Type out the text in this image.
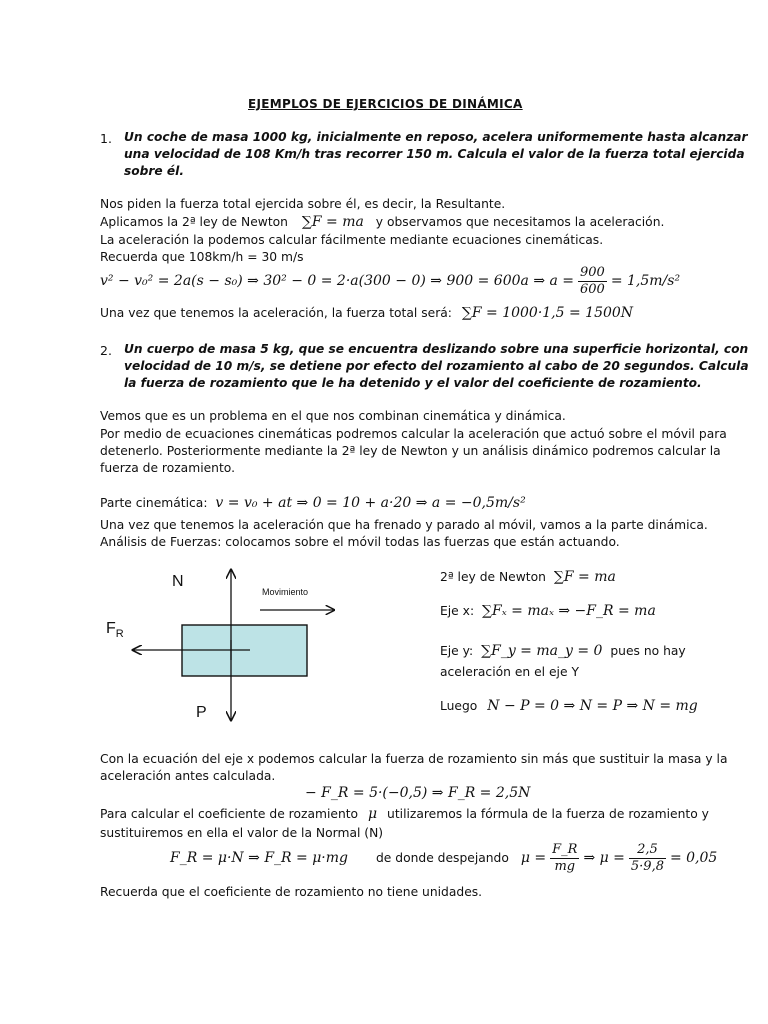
EJEMPLOS DE EJERCICIOS DE DINÁMICA
1. Un coche de masa 1000 kg, inicialmente en reposo, acelera uniformemente hasta alcanzar
una velocidad de 108 Km/h tras recorrer 150 m. Calcula el valor de la fuerza total ejercida
sobre él.
Nos piden la fuerza total ejercida sobre él, es decir, la Resultante.
Aplicamos la 2ª ley de Newton ∑F = ma y observamos que necesitamos la aceleración.
La aceleración la podemos calcular fácilmente mediante ecuaciones cinemáticas.
Recuerda que 108km/h = 30 m/s
v² − v₀² = 2a(s − s₀) ⇒ 30² − 0 = 2·a(300 − 0) ⇒ 900 = 600a ⇒ $a = \frac{900}{600} = 1,5m/s^2$
Una vez que tenemos la aceleración, la fuerza total será: ∑F = 1000·1,5 = 1500N
2. Un cuerpo de masa 5 kg, que se encuentra deslizando sobre una superficie horizontal, con
velocidad de 10 m/s, se detiene por efecto del rozamiento al cabo de 20 segundos. Calcula
la fuerza de rozamiento que le ha detenido y el valor del coeficiente de rozamiento.
Vemos que es un problema en el que nos combinan cinemática y dinámica.
Por medio de ecuaciones cinemáticas podremos calcular la aceleración que actuó sobre el móvil para
detenerlo. Posteriormente mediante la 2ª ley de Newton y un análisis dinámico podremos calcular la
fuerza de rozamiento.
Parte cinemática: v = v₀ + at ⇒ 0 = 10 + a·20 ⇒ a = −0,5m/s²
Una vez que tenemos la aceleración que ha frenado y parado al móvil, vamos a la parte dinámica.
Análisis de Fuerzas: colocamos sobre el móvil todas las fuerzas que están actuando.
N
$F_R$
P
Movimiento
2ª ley de Newton ∑F = ma
Eje x: ∑Fₓ = maₓ ⇒ −F_R = ma
Eje y: ∑F_y = ma_y = 0 pues no hay
aceleración en el eje Y
Luego N − P = 0 ⇒ N = P ⇒ N = mg
Con la ecuación del eje x podemos calcular la fuerza de rozamiento sin más que sustituir la masa y la
aceleración antes calculada.
− F_R = 5·(−0,5) ⇒ F_R = 2,5N
Para calcular el coeficiente de rozamiento μ utilizaremos la fórmula de la fuerza de rozamiento y
sustituiremos en ella el valor de la Normal (N)
F_R = μ·N ⇒ F_R = μ·mg de donde despejando $\mu = \frac{F\_R}{mg}$ ⇒ $\mu = \frac{2,5}{5\cdot 9,8} = 0,05$
Recuerda que el coeficiente de rozamiento no tiene unidades.
